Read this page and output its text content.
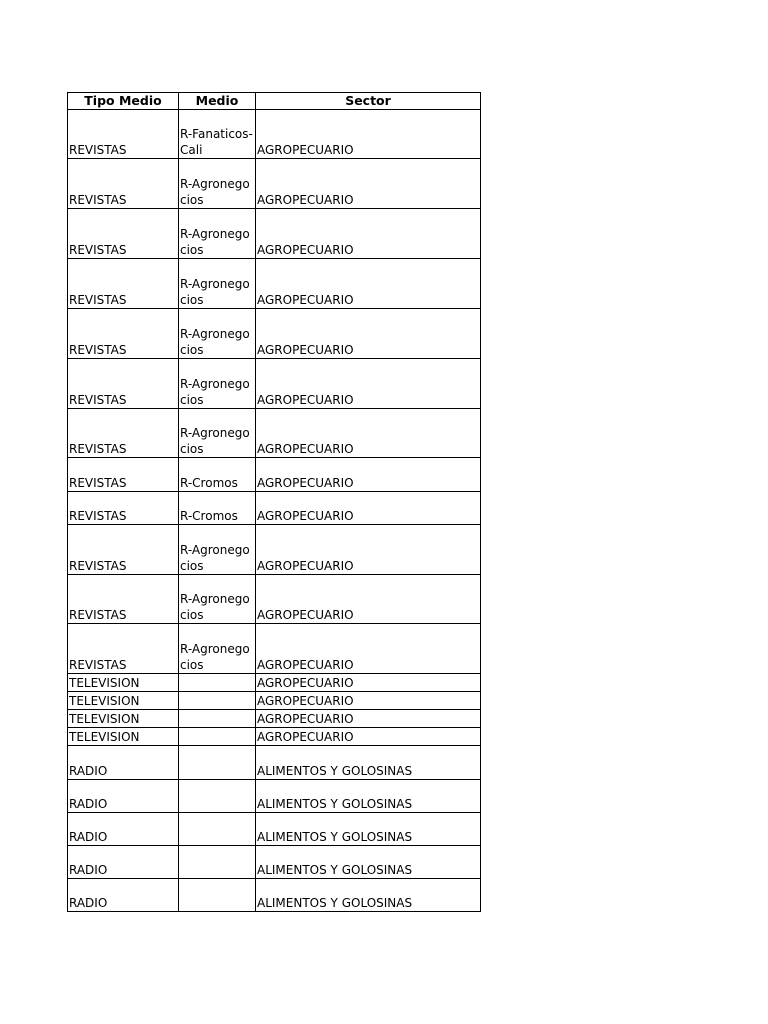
Tipo Medio	Medio	Sector

REVISTAS	R-Fanaticos-Cali	AGROPECUARIO

REVISTAS	R-Agronegocios	AGROPECUARIO

REVISTAS	R-Agronegocios	AGROPECUARIO

REVISTAS	R-Agronegocios	AGROPECUARIO

REVISTAS	R-Agronegocios	AGROPECUARIO

REVISTAS	R-Agronegocios	AGROPECUARIO

REVISTAS	R-Agronegocios	AGROPECUARIO

REVISTAS	R-Cromos	AGROPECUARIO

REVISTAS	R-Cromos	AGROPECUARIO

REVISTAS	R-Agronegocios	AGROPECUARIO

REVISTAS	R-Agronegocios	AGROPECUARIO

REVISTAS	R-Agronegocios	AGROPECUARIO

TELEVISION		AGROPECUARIO

TELEVISION		AGROPECUARIO

TELEVISION		AGROPECUARIO

TELEVISION		AGROPECUARIO

RADIO		ALIMENTOS Y GOLOSINAS

RADIO		ALIMENTOS Y GOLOSINAS

RADIO		ALIMENTOS Y GOLOSINAS

RADIO		ALIMENTOS Y GOLOSINAS

RADIO		ALIMENTOS Y GOLOSINAS
